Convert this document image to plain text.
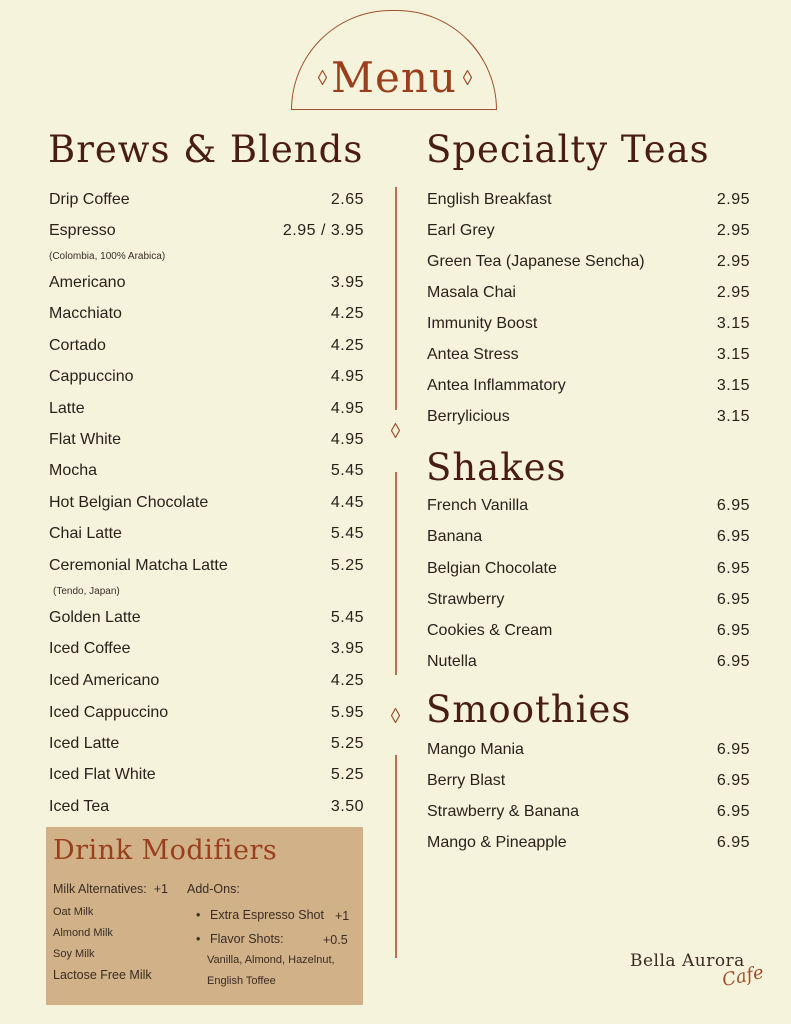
Menu
Brews & Blends
Drip Coffee	2.65
Espresso	2.95 / 3.95
(Colombia, 100% Arabica)
Americano	3.95
Macchiato	4.25
Cortado	4.25
Cappuccino	4.95
Latte	4.95
Flat White	4.95
Mocha	5.45
Hot Belgian Chocolate	4.45
Chai Latte	5.45
Ceremonial Matcha Latte	5.25
(Tendo, Japan)
Golden Latte	5.45
Iced Coffee	3.95
Iced Americano	4.25
Iced Cappuccino	5.95
Iced Latte	5.25
Iced Flat White	5.25
Iced Tea	3.50
Drink Modifiers
Milk Alternatives: +1 Add-Ons:
Oat Milk
Almond Milk
Soy Milk
Lactose Free Milk
• Extra Espresso Shot +1
• Flavor Shots:	+0.5
Vanilla, Almond, Hazelnut,
English Toffee
Specialty Teas
English Breakfast	2.95
Earl Grey	2.95
Green Tea (Japanese Sencha)	2.95
Masala Chai	2.95
Immunity Boost	3.15
Antea Stress	3.15
Antea Inflammatory	3.15
Berrylicious	3.15
Shakes
French Vanilla	6.95
Banana	6.95
Belgian Chocolate	6.95
Strawberry	6.95
Cookies & Cream	6.95
Nutella	6.95
Smoothies
Mango Mania	6.95
Berry Blast	6.95
Strawberry & Banana	6.95
Mango & Pineapple	6.95
Bella Aurora
Cafe
